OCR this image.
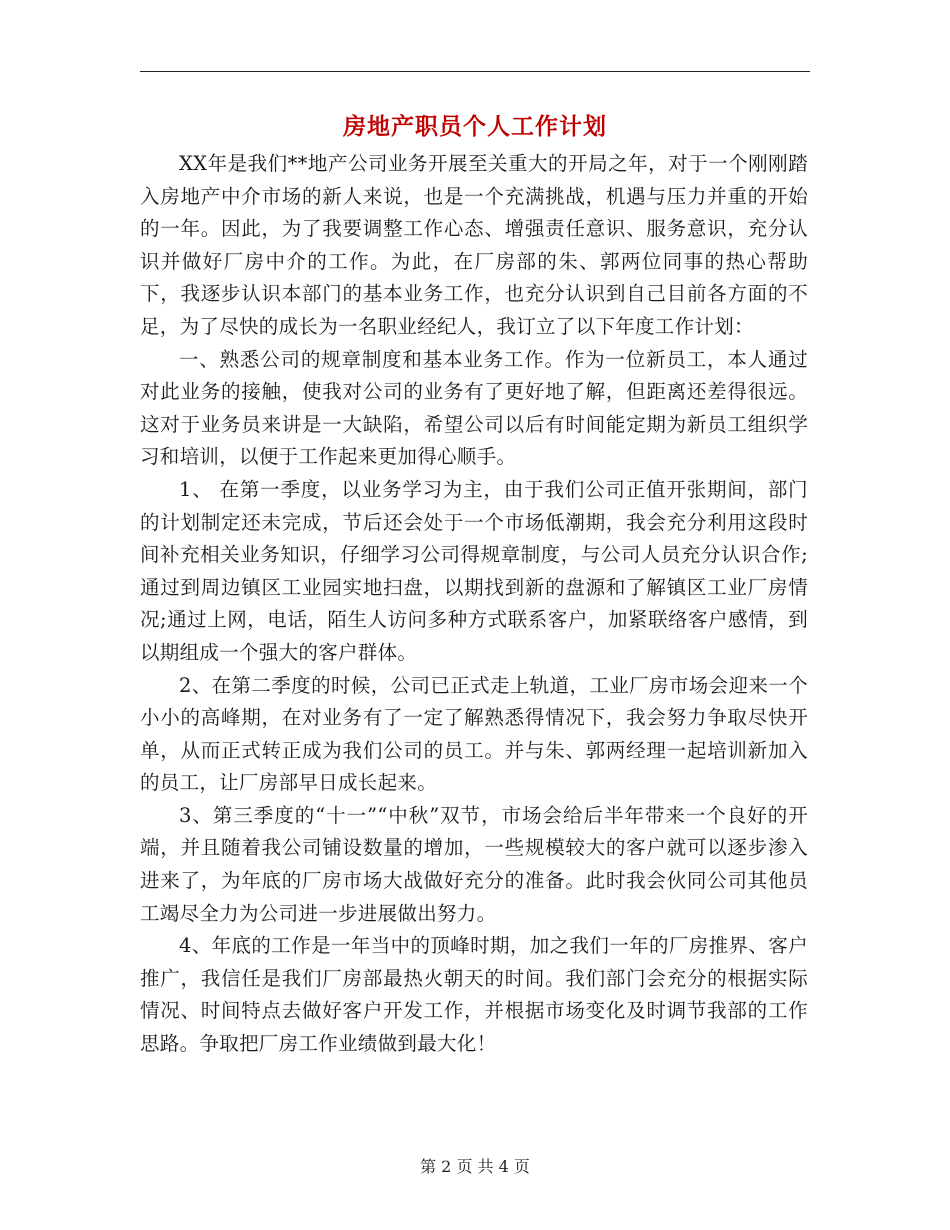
房地产职员个人工作计划

XX年是我们**地产公司业务开展至关重大的开局之年，对于一个刚刚踏入房地产中介市场的新人来说，也是一个充满挑战，机遇与压力并重的开始的一年。因此，为了我要调整工作心态、增强责任意识、服务意识，充分认识并做好厂房中介的工作。为此，在厂房部的朱、郭两位同事的热心帮助下，我逐步认识本部门的基本业务工作，也充分认识到自己目前各方面的不足，为了尽快的成长为一名职业经纪人，我订立了以下年度工作计划：

一、熟悉公司的规章制度和基本业务工作。作为一位新员工，本人通过对此业务的接触，使我对公司的业务有了更好地了解，但距离还差得很远。这对于业务员来讲是一大缺陷，希望公司以后有时间能定期为新员工组织学习和培训，以便于工作起来更加得心顺手。

1、 在第一季度，以业务学习为主，由于我们公司正值开张期间，部门的计划制定还未完成，节后还会处于一个市场低潮期，我会充分利用这段时间补充相关业务知识，仔细学习公司得规章制度，与公司人员充分认识合作;通过到周边镇区工业园实地扫盘，以期找到新的盘源和了解镇区工业厂房情况;通过上网，电话，陌生人访问多种方式联系客户，加紧联络客户感情，到以期组成一个强大的客户群体。

2、在第二季度的时候，公司已正式走上轨道，工业厂房市场会迎来一个小小的高峰期，在对业务有了一定了解熟悉得情况下，我会努力争取尽快开单，从而正式转正成为我们公司的员工。并与朱、郭两经理一起培训新加入的员工，让厂房部早日成长起来。

3、第三季度的“十一”“中秋”双节，市场会给后半年带来一个良好的开端，并且随着我公司铺设数量的增加，一些规模较大的客户就可以逐步渗入进来了，为年底的厂房市场大战做好充分的准备。此时我会伙同公司其他员工竭尽全力为公司进一步进展做出努力。

4、年底的工作是一年当中的顶峰时期，加之我们一年的厂房推界、客户推广，我信任是我们厂房部最热火朝天的时间。我们部门会充分的根据实际情况、时间特点去做好客户开发工作，并根据市场变化及时调节我部的工作思路。争取把厂房工作业绩做到最大化！

第 2 页 共 4 页
